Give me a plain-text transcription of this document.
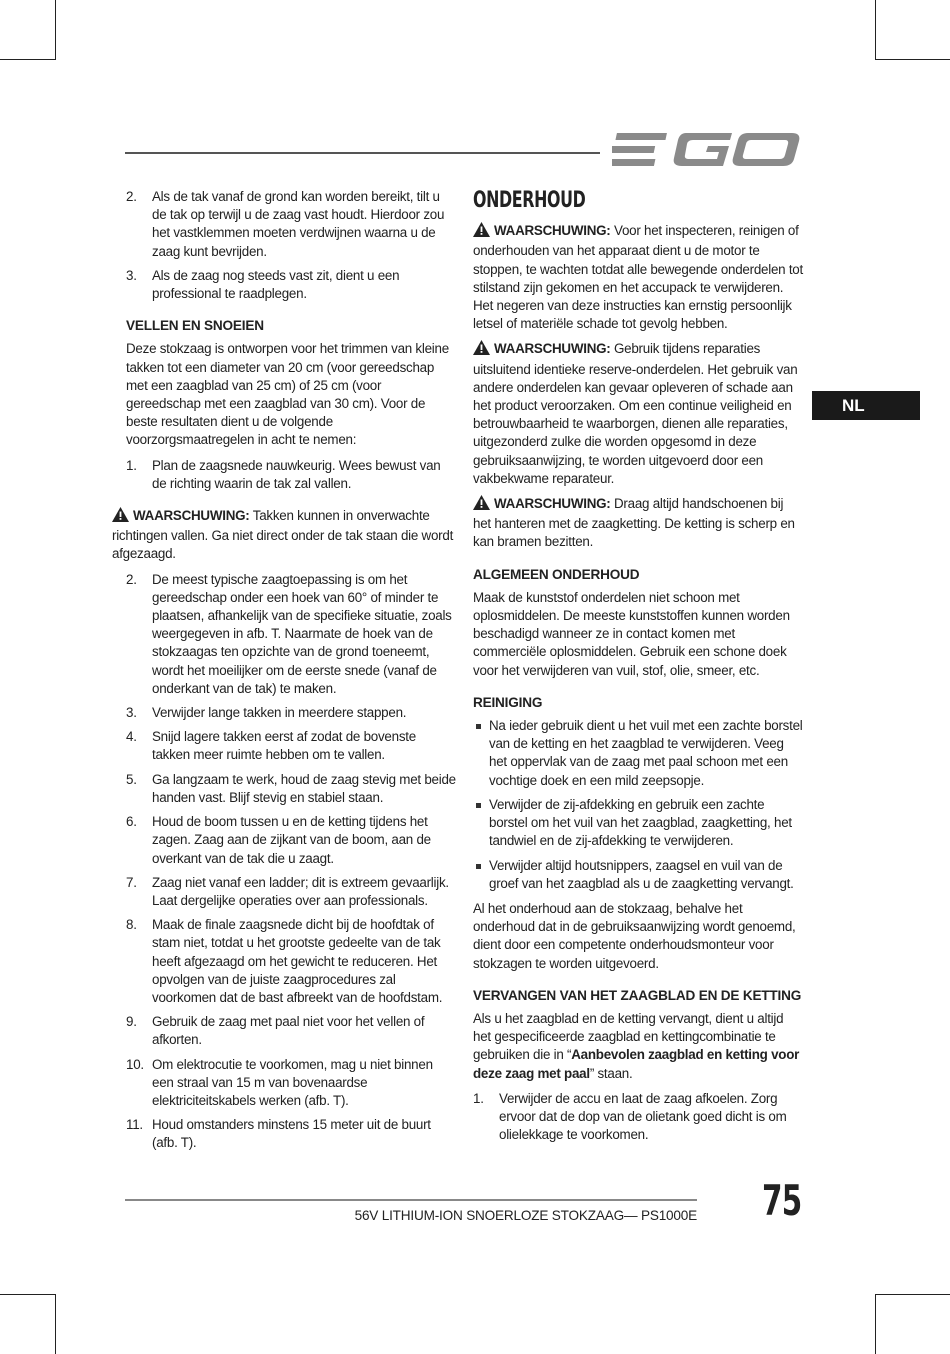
2. Als de tak vanaf de grond kan worden bereikt, tilt u de tak op terwijl u de zaag vast houdt. Hierdoor zou het vastklemmen moeten verdwijnen waarna u de zaag kunt bevrijden.
3. Als de zaag nog steeds vast zit, dient u een professional te raadplegen.
VELLEN EN SNOEIEN

Deze stokzaag is ontworpen voor het trimmen van kleine takken tot een diameter van 20 cm (voor gereedschap met een zaagblad van 25 cm) of 25 cm (voor gereedschap met een zaagblad van 30 cm). Voor de beste resultaten dient u de volgende voorzorgsmaatregelen in acht te nemen:

1. Plan de zaagsnede nauwkeurig. Wees bewust van de richting waarin de tak zal vallen.

WAARSCHUWING: Takken kunnen in onverwachte richtingen vallen. Ga niet direct onder de tak staan die wordt afgezaagd.

2. De meest typische zaagtoepassing is om het gereedschap onder een hoek van 60° of minder te plaatsen, afhankelijk van de specifieke situatie, zoals weergegeven in afb. T. Naarmate de hoek van de stokzaagas ten opzichte van de grond toeneemt, wordt het moeilijker om de eerste snede (vanaf de onderkant van de tak) te maken.
3. Verwijder lange takken in meerdere stappen.
4. Snijd lagere takken eerst af zodat de bovenste takken meer ruimte hebben om te vallen.
5. Ga langzaam te werk, houd de zaag stevig met beide handen vast. Blijf stevig en stabiel staan.
6. Houd de boom tussen u en de ketting tijdens het zagen. Zaag aan de zijkant van de boom, aan de overkant van de tak die u zaagt.
7. Zaag niet vanaf een ladder; dit is extreem gevaarlijk. Laat dergelijke operaties over aan professionals.
8. Maak de finale zaagsnede dicht bij de hoofdtak of stam niet, totdat u het grootste gedeelte van de tak heeft afgezaagd om het gewicht te reduceren. Het opvolgen van de juiste zaagprocedures zal voorkomen dat de bast afbreekt van de hoofdstam.
9. Gebruik de zaag met paal niet voor het vellen of afkorten.
10. Om elektrocutie te voorkomen, mag u niet binnen een straal van 15 m van bovenaardse elektriciteitskabels werken (afb. T).
11. Houd omstanders minstens 15 meter uit de buurt (afb. T).
ONDERHOUD

WAARSCHUWING: Voor het inspecteren, reinigen of onderhouden van het apparaat dient u de motor te stoppen, te wachten totdat alle bewegende onderdelen tot stilstand zijn gekomen en het accupack te verwijderen. Het negeren van deze instructies kan ernstig persoonlijk letsel of materiële schade tot gevolg hebben.

WAARSCHUWING: Gebruik tijdens reparaties uitsluitend identieke reserve-onderdelen. Het gebruik van andere onderdelen kan gevaar opleveren of schade aan het product veroorzaken. Om een continue veiligheid en betrouwbaarheid te waarborgen, dienen alle reparaties, uitgezonderd zulke die worden opgesomd in deze gebruiksaanwijzing, te worden uitgevoerd door een vakbekwame reparateur.

WAARSCHUWING: Draag altijd handschoenen bij het hanteren met de zaagketting. De ketting is scherp en kan bramen bezitten.

ALGEMEEN ONDERHOUD

Maak de kunststof onderdelen niet schoon met oplosmiddelen. De meeste kunststoffen kunnen worden beschadigd wanneer ze in contact komen met commerciële oplosmiddelen. Gebruik een schone doek voor het verwijderen van vuil, stof, olie, smeer, etc.

REINIGING
Na ieder gebruik dient u het vuil met een zachte borstel van de ketting en het zaagblad te verwijderen. Veeg het oppervlak van de zaag met paal schoon met een vochtige doek en een mild zeepsopje.
Verwijder de zij-afdekking en gebruik een zachte borstel om het vuil van het zaagblad, zaagketting, het tandwiel en de zij-afdekking te verwijderen.
Verwijder altijd houtsnippers, zaagsel en vuil van de groef van het zaagblad als u de zaagketting vervangt.

Al het onderhoud aan de stokzaag, behalve het onderhoud dat in de gebruiksaanwijzing wordt genoemd, dient door een competente onderhoudsmonteur voor stokzagen te worden uitgevoerd.

VERVANGEN VAN HET ZAAGBLAD EN DE KETTING

Als u het zaagblad en de ketting vervangt, dient u altijd het gespecificeerde zaagblad en kettingcombinatie te gebruiken die in “Aanbevolen zaagblad en ketting voor deze zaag met paal” staan.

1. Verwijder de accu en laat de zaag afkoelen. Zorg ervoor dat de dop van de olietank goed dicht is om olielekkage te voorkomen.
NL
56V LITHIUM-ION SNOERLOZE STOKZAAG— PS1000E 75
